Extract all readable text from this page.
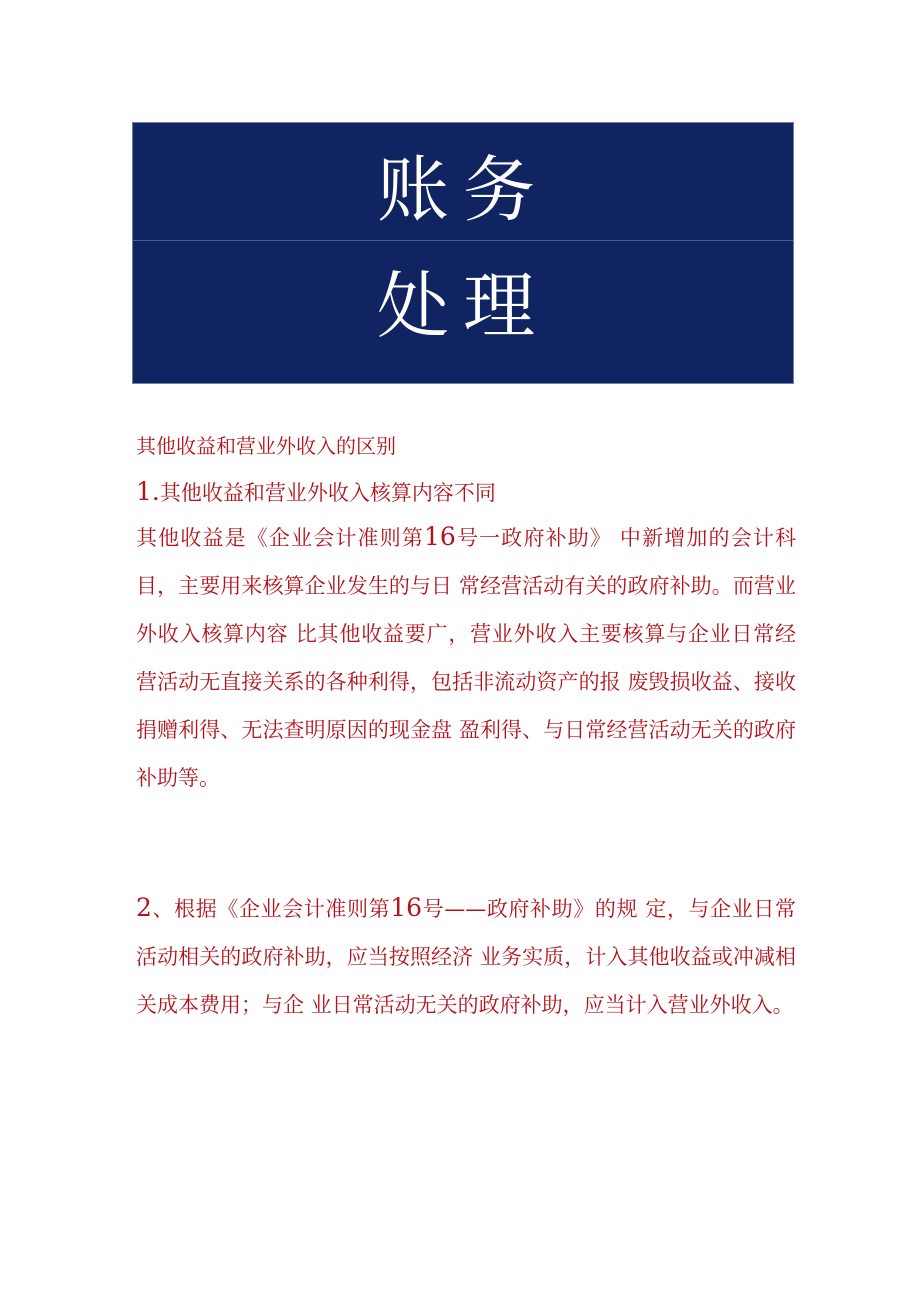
账务
处理

其他收益和营业外收入的区别

1.其他收益和营业外收入核算内容不同

其他收益是《企业会计准则第16号一政府补助》 中新增加的会计科目，主要用来核算企业发生的与日 常经营活动有关的政府补助。而营业外收入核算内容 比其他收益要广，营业外收入主要核算与企业日常经 营活动无直接关系的各种利得，包括非流动资产的报 废毁损收益、接收捐赠利得、无法查明原因的现金盘 盈利得、与日常经营活动无关的政府补助等。

2、根据《企业会计准则第16号——政府补助》的规 定，与企业日常活动相关的政府补助，应当按照经济 业务实质，计入其他收益或冲减相关成本费用；与企 业日常活动无关的政府补助，应当计入营业外收入。
